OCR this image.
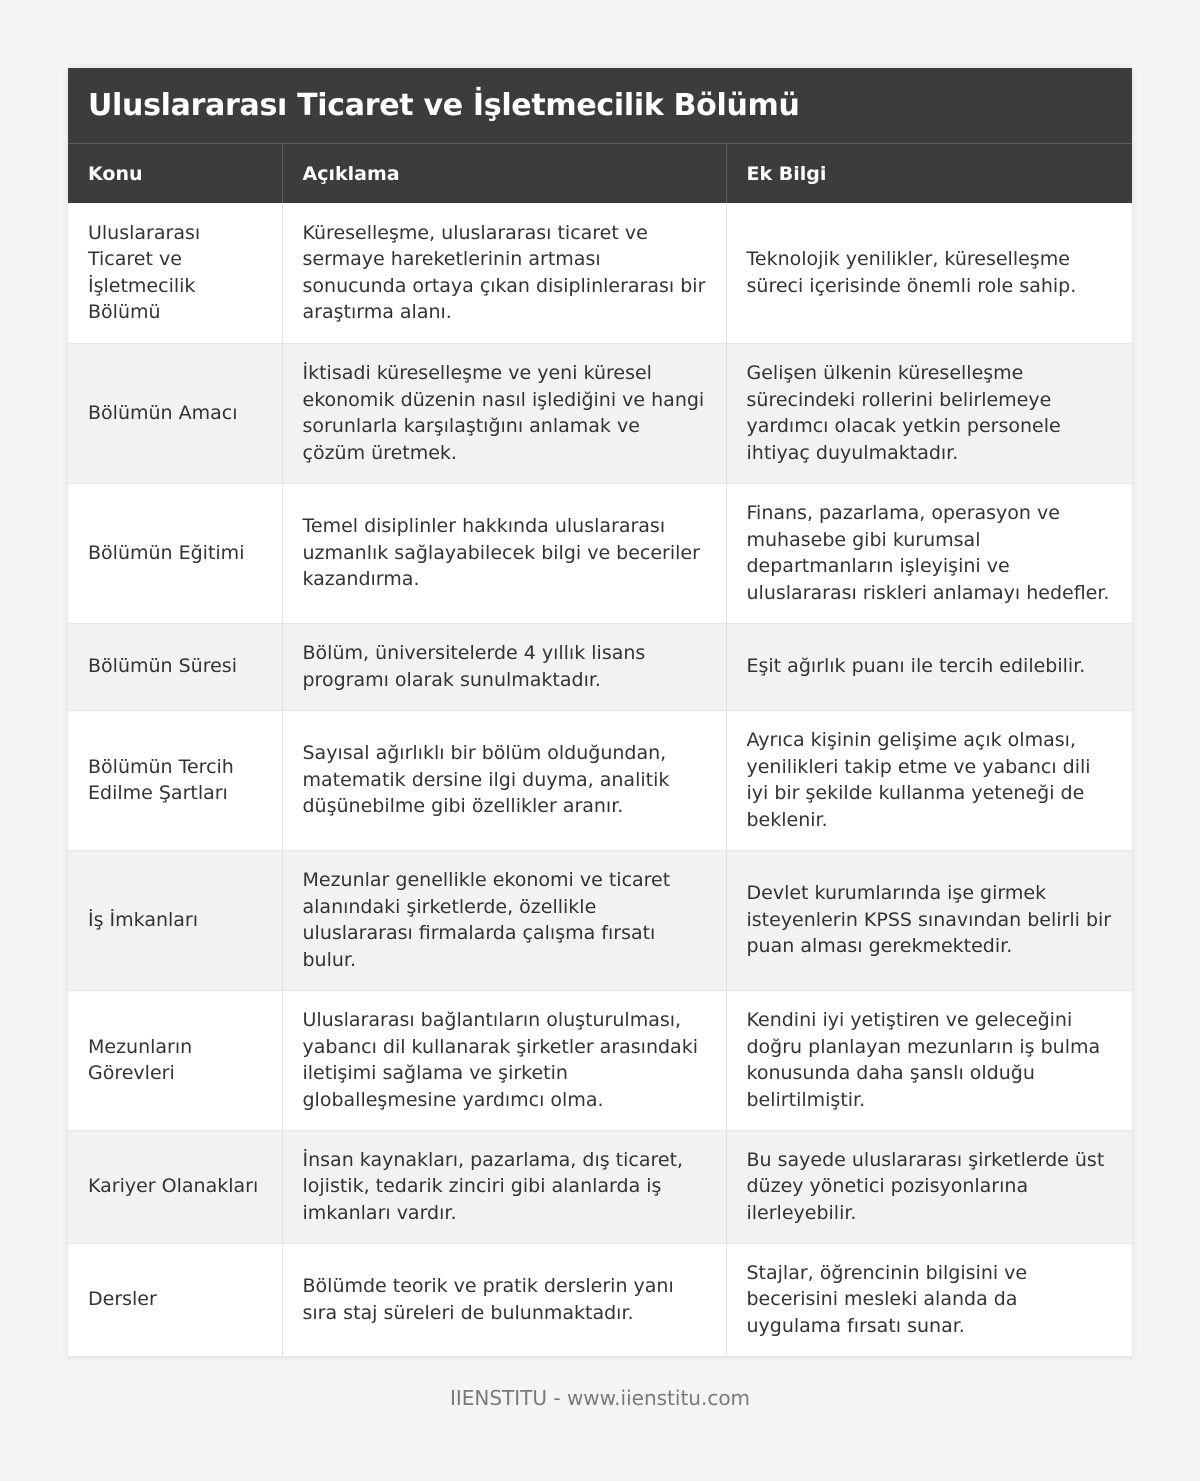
Uluslararası Ticaret ve İşletmecilik Bölümü
Konu	Açıklama	Ek Bilgi
Uluslararası Ticaret ve İşletmecilik Bölümü	Küreselleşme, uluslararası ticaret ve sermaye hareketlerinin artması sonucunda ortaya çıkan disiplinlerarası bir araştırma alanı.	Teknolojik yenilikler, küreselleşme süreci içerisinde önemli role sahip.
Bölümün Amacı	İktisadi küreselleşme ve yeni küresel ekonomik düzenin nasıl işlediğini ve hangi sorunlarla karşılaştığını anlamak ve çözüm üretmek.	Gelişen ülkenin küreselleşme sürecindeki rollerini belirlemeye yardımcı olacak yetkin personele ihtiyaç duyulmaktadır.
Bölümün Eğitimi	Temel disiplinler hakkında uluslararası uzmanlık sağlayabilecek bilgi ve beceriler kazandırma.	Finans, pazarlama, operasyon ve muhasebe gibi kurumsal departmanların işleyişini ve uluslararası riskleri anlamayı hedefler.
Bölümün Süresi	Bölüm, üniversitelerde 4 yıllık lisans programı olarak sunulmaktadır.	Eşit ağırlık puanı ile tercih edilebilir.
Bölümün Tercih Edilme Şartları	Sayısal ağırlıklı bir bölüm olduğundan, matematik dersine ilgi duyma, analitik düşünebilme gibi özellikler aranır.	Ayrıca kişinin gelişime açık olması, yenilikleri takip etme ve yabancı dili iyi bir şekilde kullanma yeteneği de beklenir.
İş İmkanları	Mezunlar genellikle ekonomi ve ticaret alanındaki şirketlerde, özellikle uluslararası firmalarda çalışma fırsatı bulur.	Devlet kurumlarında işe girmek isteyenlerin KPSS sınavından belirli bir puan alması gerekmektedir.
Mezunların Görevleri	Uluslararası bağlantıların oluşturulması, yabancı dil kullanarak şirketler arasındaki iletişimi sağlama ve şirketin globalleşmesine yardımcı olma.	Kendini iyi yetiştiren ve geleceğini doğru planlayan mezunların iş bulma konusunda daha şanslı olduğu belirtilmiştir.
Kariyer Olanakları	İnsan kaynakları, pazarlama, dış ticaret, lojistik, tedarik zinciri gibi alanlarda iş imkanları vardır.	Bu sayede uluslararası şirketlerde üst düzey yönetici pozisyonlarına ilerleyebilir.
Dersler	Bölümde teorik ve pratik derslerin yanı sıra staj süreleri de bulunmaktadır.	Stajlar, öğrencinin bilgisini ve becerisini mesleki alanda da uygulama fırsatı sunar.
IIENSTITU - www.iienstitu.com
